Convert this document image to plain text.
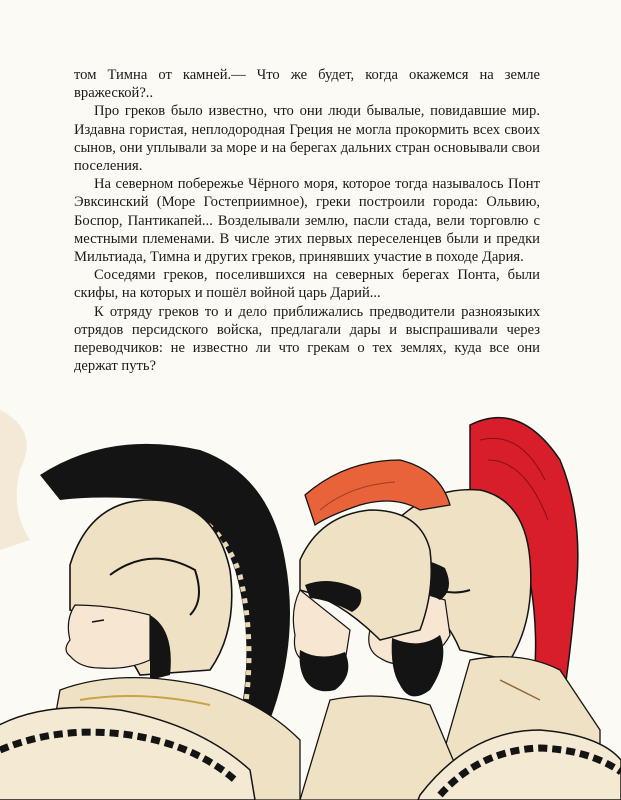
том Тимна от камней.— Что же будет, когда окажемся на земле вражеской?..

Про греков было известно, что они люди бывалые, повидавшие мир. Издавна гористая, неплодородная Греция не могла прокормить всех своих сынов, они уплывали за море и на берегах дальних стран основывали свои поселения.

На северном побережье Чёрного моря, которое тогда называлось Понт Эвксинский (Море Гостеприимное), греки построили города: Ольвию, Боспор, Пантикапей... Возделывали землю, пасли стада, вели торговлю с местными племенами. В числе этих первых переселенцев были и предки Мильтиада, Тимна и других греков, принявших участие в походе Дария.

Соседями греков, поселившихся на северных берегах Понта, были скифы, на которых и пошёл войной царь Дарий...

К отряду греков то и дело приближались предводители разноязыких отрядов персидского войска, предлагали дары и выспрашивали через переводчиков: не известно ли что грекам о тех землях, куда все они держат путь?
